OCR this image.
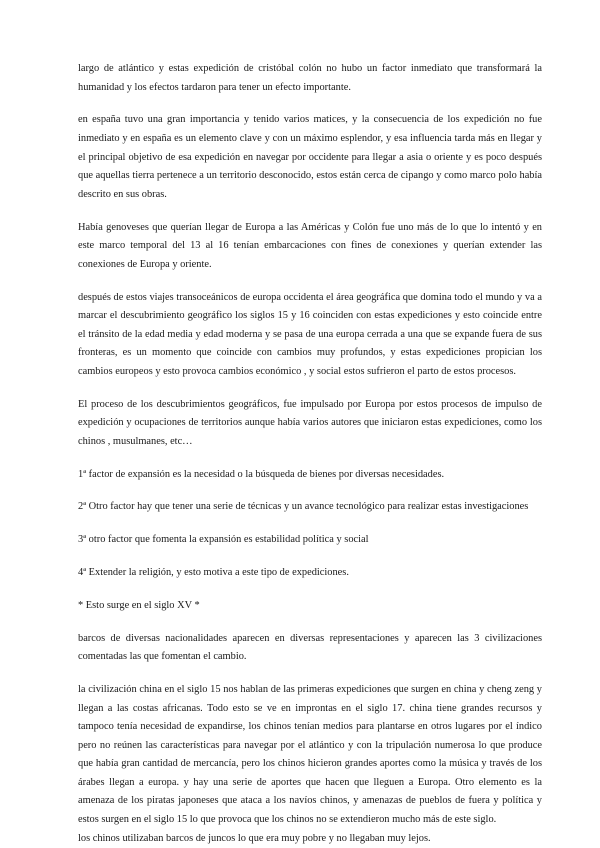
largo de atlántico y estas expedición de cristóbal colón no hubo un factor inmediato que transformará la humanidad y los efectos tardaron para tener un efecto importante.

en españa tuvo una gran importancia y tenido varios matices, y la consecuencia de los expedición no fue inmediato y en españa es un elemento clave y con un máximo esplendor, y esa influencia tarda más en llegar y el principal objetivo de esa expedición en navegar por occidente para llegar a asia o oriente y es poco después que aquellas tierra pertenece a un territorio desconocido, estos están cerca de cipango y como marco polo había descrito en sus obras.

Había genoveses que querían llegar de Europa a las Américas y Colón fue uno más de lo que lo intentó y en este marco temporal del 13 al 16 tenían embarcaciones con fines de conexiones y querían extender las conexiones de Europa y oriente.

después de estos viajes transoceánicos de europa occidenta el área geográfica que domina todo el mundo y va a marcar el descubrimiento geográfico los siglos 15 y 16 coinciden con estas expediciones y esto coincide entre el tránsito de la edad media y edad moderna y se pasa de una europa cerrada a una que se expande fuera de sus fronteras, es un momento que coincide con cambios muy profundos, y estas expediciones propician los cambios europeos y esto provoca cambios económico , y social estos sufrieron el parto de estos procesos.

El proceso de los descubrimientos geográficos, fue impulsado por Europa por estos procesos de impulso de expedición y ocupaciones de territorios aunque había varios autores que iniciaron estas expediciones, como los chinos , musulmanes, etc…

1ª factor de expansión es la necesidad o la búsqueda de bienes por diversas necesidades.

2ª Otro factor hay que tener una serie de técnicas y un avance tecnológico para realizar estas investigaciones

3ª otro factor que fomenta la expansión es estabilidad política y social

4ª Extender la religión, y esto motiva a este tipo de expediciones.

* Esto surge en el siglo XV *

barcos de diversas nacionalidades aparecen en diversas representaciones y aparecen las 3 civilizaciones comentadas las que fomentan el cambio.

la civilización china en el siglo 15 nos hablan de las primeras expediciones que surgen en china y cheng zeng y llegan a las costas africanas. Todo esto se ve en improntas en el siglo 17. china tiene grandes recursos y tampoco tenía necesidad de expandirse, los chinos tenían medios para plantarse en otros lugares por el índico pero no reúnen las características para navegar por el atlántico y con la tripulación numerosa lo que produce que había gran cantidad de mercancía, pero los chinos hicieron grandes aportes como la música y través de los árabes llegan a europa. y hay una serie de aportes que hacen que lleguen a Europa. Otro elemento es la amenaza de los piratas japoneses que ataca a los navíos chinos, y amenazas de pueblos de fuera y política y estos surgen en el siglo 15 lo que provoca que los chinos no se extendieron mucho más de este siglo.

los chinos utilizaban barcos de juncos lo que era muy pobre y no llegaban muy lejos.
